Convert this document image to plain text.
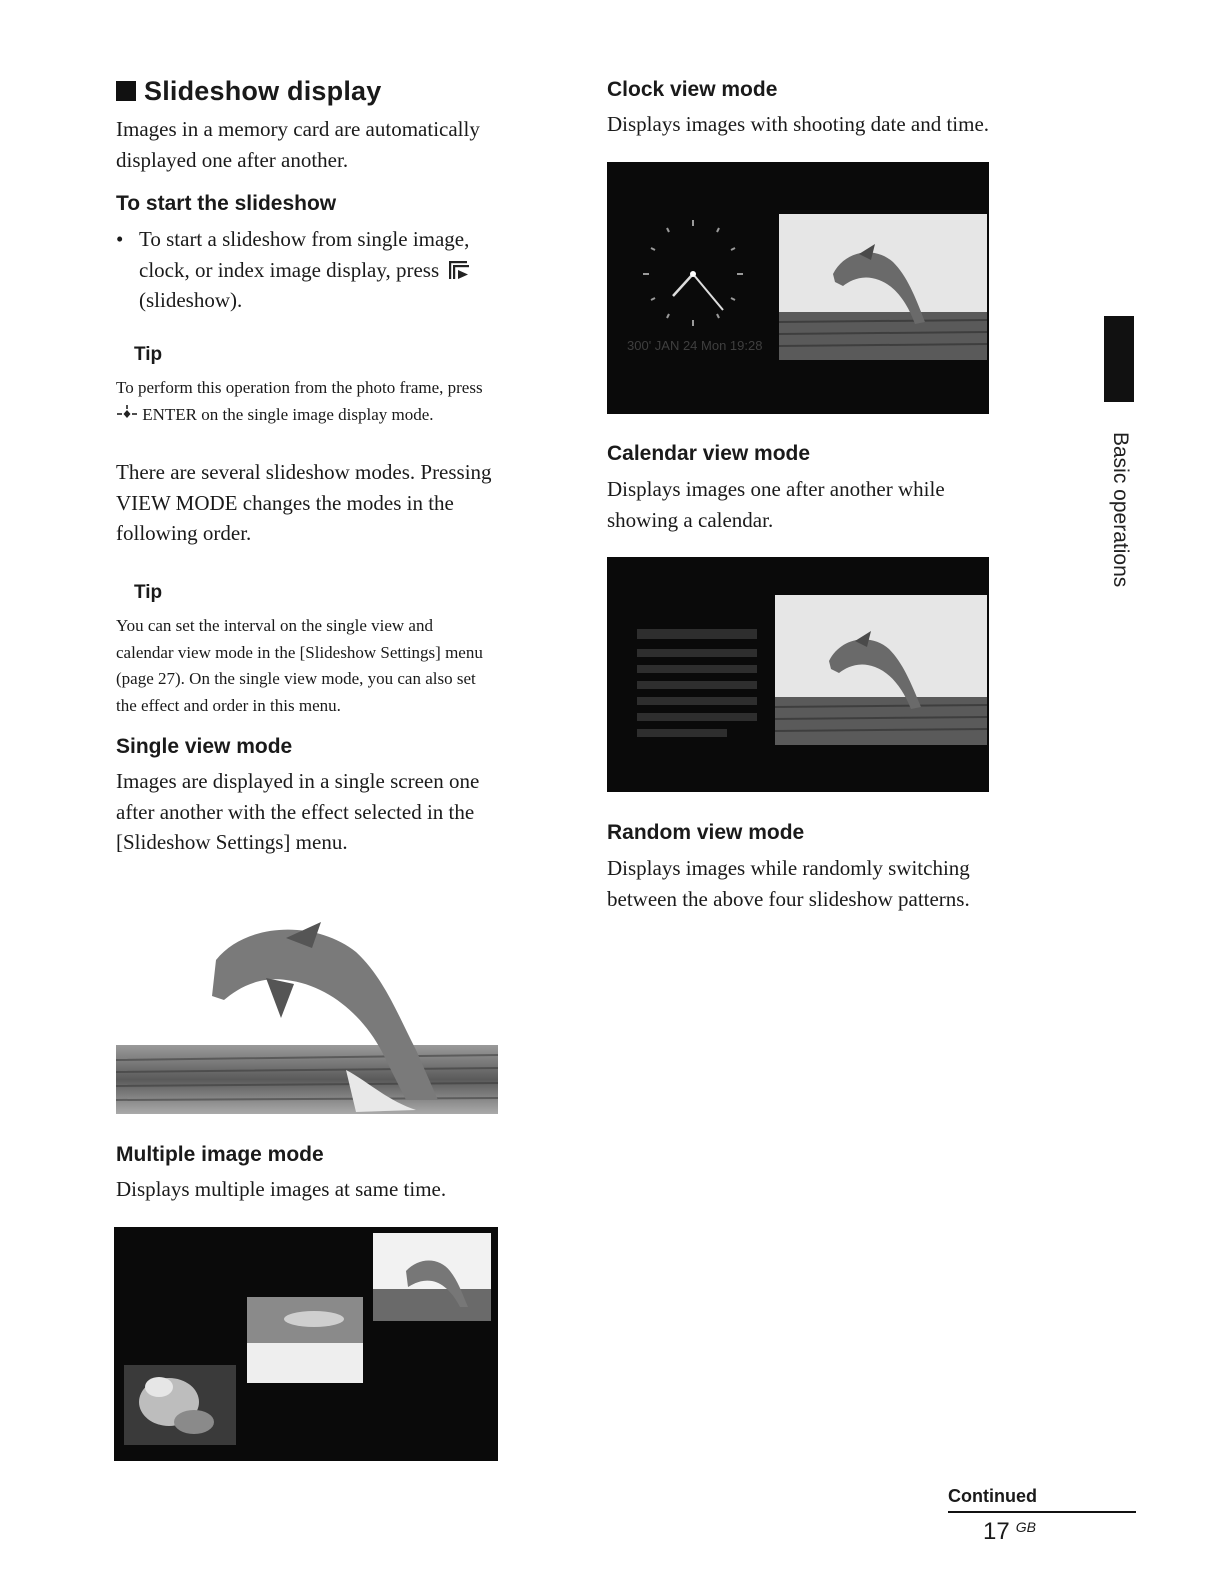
Slideshow display
Images in a memory card are automatically
displayed one after another.
To start the slideshow
• To start a slideshow from single image,
clock, or index image display, press
(slideshow).
Tip
To perform this operation from the photo frame, press
ENTER on the single image display mode.
There are several slideshow modes. Pressing
VIEW MODE changes the modes in the
following order.
Tip
You can set the interval on the single view and
calendar view mode in the [Slideshow Settings] menu
(page 27). On the single view mode, you can also set
the effect and order in this menu.
Single view mode
Images are displayed in a single screen one
after another with the effect selected in the
[Slideshow Settings] menu.
Multiple image mode
Displays multiple images at same time.
Clock view mode
Displays images with shooting date and time.
300' JAN 24 Mon 19:28
Calendar view mode
Displays images one after another while
showing a calendar.
Random view mode
Displays images while randomly switching
between the above four slideshow patterns.
Basic operations
Continued
17 $^{GB}$
